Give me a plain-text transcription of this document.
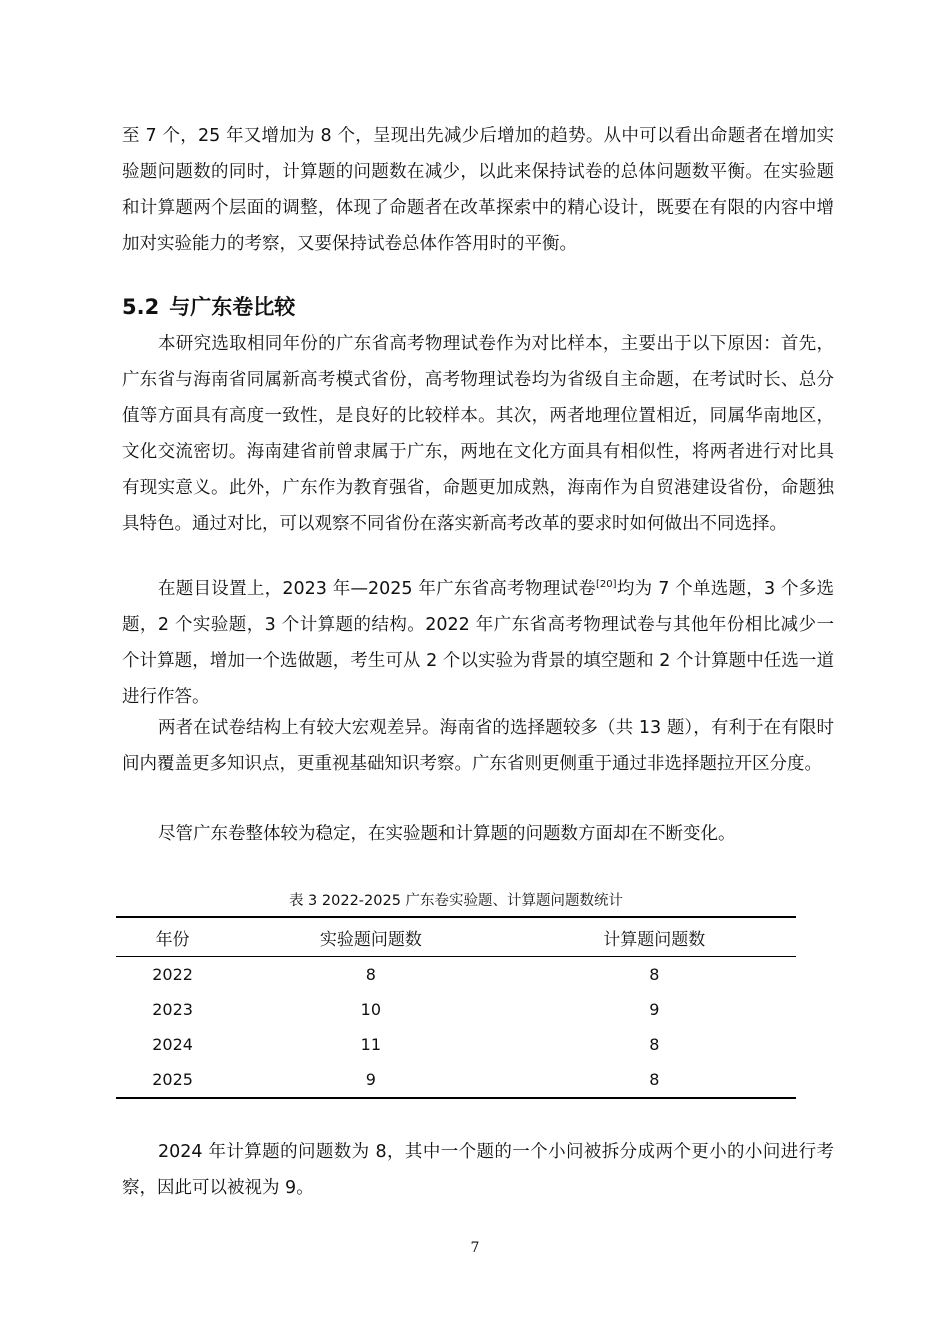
至 7 个，25 年又增加为 8 个，呈现出先减少后增加的趋势。从中可以看出命题者在增加实验题问题数的同时，计算题的问题数在减少，以此来保持试卷的总体问题数平衡。在实验题和计算题两个层面的调整，体现了命题者在改革探索中的精心设计，既要在有限的内容中增加对实验能力的考察，又要保持试卷总体作答用时的平衡。

5.2 与广东卷比较

本研究选取相同年份的广东省高考物理试卷作为对比样本，主要出于以下原因：首先，广东省与海南省同属新高考模式省份，高考物理试卷均为省级自主命题，在考试时长、总分值等方面具有高度一致性，是良好的比较样本。其次，两者地理位置相近，同属华南地区，文化交流密切。海南建省前曾隶属于广东，两地在文化方面具有相似性，将两者进行对比具有现实意义。此外，广东作为教育强省，命题更加成熟，海南作为自贸港建设省份，命题独具特色。通过对比，可以观察不同省份在落实新高考改革的要求时如何做出不同选择。

在题目设置上，2023 年—2025 年广东省高考物理试卷[20]均为 7 个单选题，3 个多选题，2 个实验题，3 个计算题的结构。2022 年广东省高考物理试卷与其他年份相比减少一个计算题，增加一个选做题，考生可从 2 个以实验为背景的填空题和 2 个计算题中任选一道进行作答。

两者在试卷结构上有较大宏观差异。海南省的选择题较多（共 13 题），有利于在有限时间内覆盖更多知识点，更重视基础知识考察。广东省则更侧重于通过非选择题拉开区分度。

尽管广东卷整体较为稳定，在实验题和计算题的问题数方面却在不断变化。

表 3 2022-2025 广东卷实验题、计算题问题数统计

年份	实验题问题数	计算题问题数
2022	8	8
2023	10	9
2024	11	8
2025	9	8

2024 年计算题的问题数为 8，其中一个题的一个小问被拆分成两个更小的小问进行考察，因此可以被视为 9。

7
